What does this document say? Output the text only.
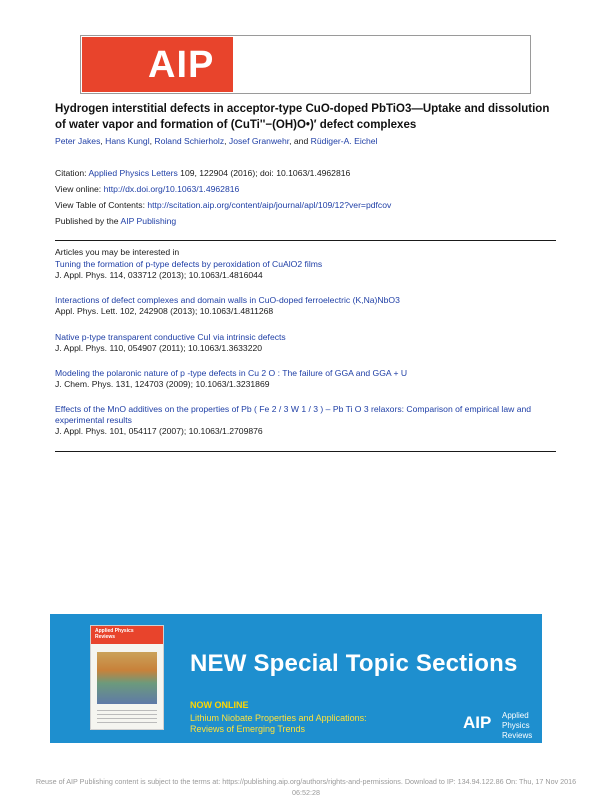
AIP Applied Physics
Letters
Hydrogen interstitial defects in acceptor-type CuO-doped PbTiO3—Uptake and dissolution of water vapor and formation of (CuTi''−(OH)O•)′ defect complexes
Peter Jakes, Hans Kungl, Roland Schierholz, Josef Granwehr, and Rüdiger-A. Eichel
Citation: Applied Physics Letters 109, 122904 (2016); doi: 10.1063/1.4962816
View online: http://dx.doi.org/10.1063/1.4962816
View Table of Contents: http://scitation.aip.org/content/aip/journal/apl/109/12?ver=pdfcov
Published by the AIP Publishing
Articles you may be interested in
Tuning the formation of p-type defects by peroxidation of CuAlO2 films
J. Appl. Phys. 114, 033712 (2013); 10.1063/1.4816044
Interactions of defect complexes and domain walls in CuO-doped ferroelectric (K,Na)NbO3
Appl. Phys. Lett. 102, 242908 (2013); 10.1063/1.4811268
Native p-type transparent conductive CuI via intrinsic defects
J. Appl. Phys. 110, 054907 (2011); 10.1063/1.3633220
Modeling the polaronic nature of p -type defects in Cu 2 O : The failure of GGA and GGA + U
J. Chem. Phys. 131, 124703 (2009); 10.1063/1.3231869
Effects of the MnO additives on the properties of Pb ( Fe 2 / 3 W 1 / 3 ) – Pb Ti O 3 relaxors: Comparison of empirical law and experimental results
J. Appl. Phys. 101, 054117 (2007); 10.1063/1.2709876
Applied Physics
Reviews
NEW Special Topic Sections
NOW ONLINE
Lithium Niobate Properties and Applications:
Reviews of Emerging Trends	AIP Applied Physics
Reviews
Reuse of AIP Publishing content is subject to the terms at: https://publishing.aip.org/authors/rights-and-permissions. Download to IP: 134.94.122.86 On: Thu, 17 Nov 2016
06:52:28
